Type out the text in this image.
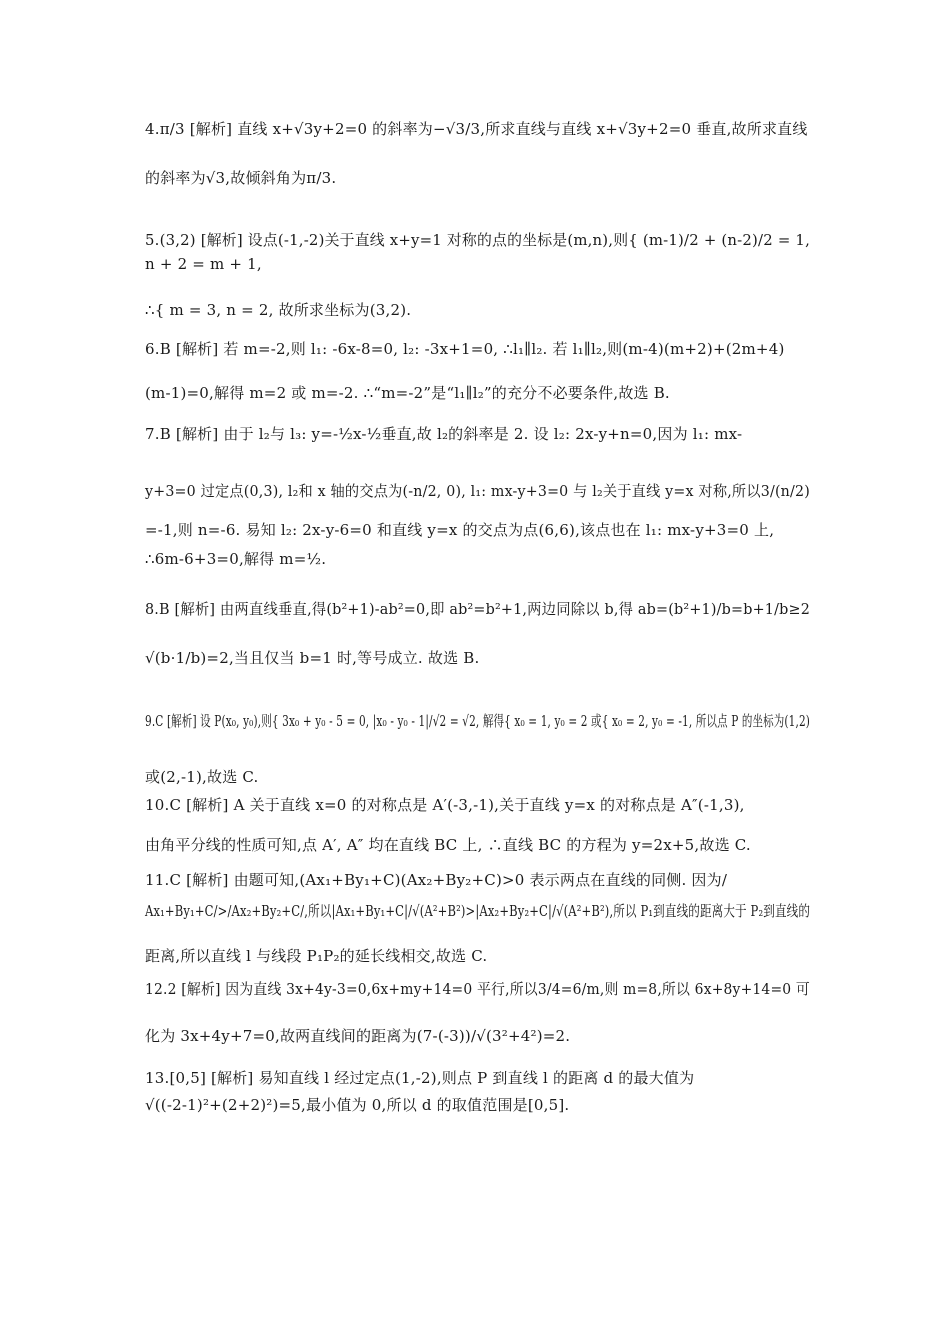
4.π/3 [解析] 直线 x+√3y+2=0 的斜率为−√3/3,所求直线与直线 x+√3y+2=0 垂直,故所求直线
的斜率为√3,故倾斜角为π/3.
5.(3,2) [解析] 设点(-1,-2)关于直线 x+y=1 对称的点的坐标是(m,n),则{ (m-1)/2 + (n-2)/2 = 1,
n + 2 = m + 1,
∴{ m = 3, n = 2, 故所求坐标为(3,2).
6.B [解析] 若 m=-2,则 l₁: -6x-8=0, l₂: -3x+1=0, ∴l₁∥l₂. 若 l₁∥l₂,则(m-4)(m+2)+(2m+4)
(m-1)=0,解得 m=2 或 m=-2. ∴“m=-2”是“l₁∥l₂”的充分不必要条件,故选 B.
7.B [解析] 由于 l₂与 l₃: y=-½x-½垂直,故 l₂的斜率是 2. 设 l₂: 2x-y+n=0,因为 l₁: mx-
y+3=0 过定点(0,3), l₂和 x 轴的交点为(-n/2, 0), l₁: mx-y+3=0 与 l₂关于直线 y=x 对称,所以3/(n/2)
=-1,则 n=-6. 易知 l₂: 2x-y-6=0 和直线 y=x 的交点为点(6,6),该点也在 l₁: mx-y+3=0 上,
∴6m-6+3=0,解得 m=½.
8.B [解析] 由两直线垂直,得(b²+1)-ab²=0,即 ab²=b²+1,两边同除以 b,得 ab=(b²+1)/b=b+1/b≥2
√(b·1/b)=2,当且仅当 b=1 时,等号成立. 故选 B.
9.C [解析] 设 P(x₀, y₀),则{ 3x₀ + y₀ - 5 = 0, |x₀ - y₀ - 1|/√2 = √2, 解得{ x₀ = 1, y₀ = 2 或{ x₀ = 2, y₀ = -1, 所以点 P 的坐标为(1,2)
或(2,-1),故选 C.
10.C [解析] A 关于直线 x=0 的对称点是 A′(-3,-1),关于直线 y=x 的对称点是 A″(-1,3),
由角平分线的性质可知,点 A′, A″ 均在直线 BC 上, ∴直线 BC 的方程为 y=2x+5,故选 C.
11.C [解析] 由题可知,(Ax₁+By₁+C)(Ax₂+By₂+C)>0 表示两点在直线的同侧. 因为/
Ax₁+By₁+C/>/Ax₂+By₂+C/,所以|Ax₁+By₁+C|/√(A²+B²)>|Ax₂+By₂+C|/√(A²+B²),所以 P₁到直线的距离大于 P₂到直线的
距离,所以直线 l 与线段 P₁P₂的延长线相交,故选 C.
12.2 [解析] 因为直线 3x+4y-3=0,6x+my+14=0 平行,所以3/4=6/m,则 m=8,所以 6x+8y+14=0 可
化为 3x+4y+7=0,故两直线间的距离为(7-(-3))/√(3²+4²)=2.
13.[0,5] [解析] 易知直线 l 经过定点(1,-2),则点 P 到直线 l 的距离 d 的最大值为
√((-2-1)²+(2+2)²)=5,最小值为 0,所以 d 的取值范围是[0,5].
